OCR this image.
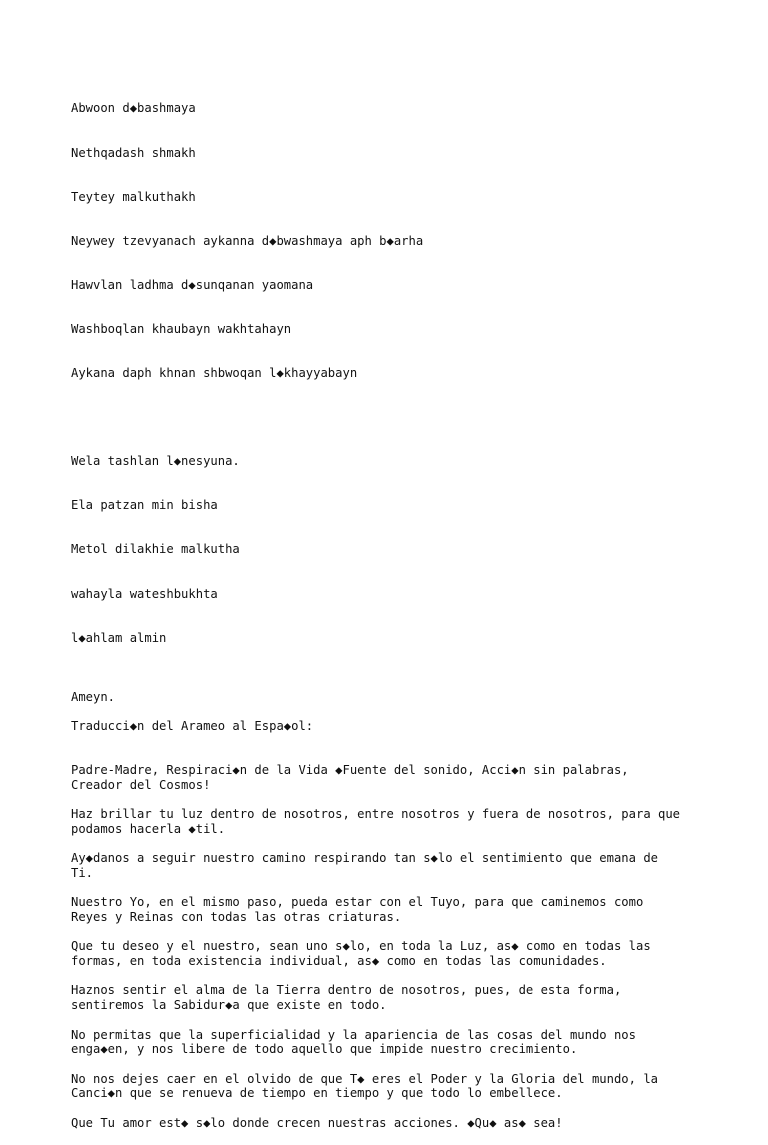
Abwoon d◆bashmaya

Nethqadash shmakh

Teytey malkuthakh

Neywey tzevyanach aykanna d◆bwashmaya aph b◆arha

Hawvlan ladhma d◆sunqanan yaomana

Washboqlan khaubayn wakhtahayn

Aykana daph khnan shbwoqan l◆khayyabayn

Wela tashlan l◆nesyuna.

Ela patzan min bisha

Metol dilakhie malkutha

wahayla wateshbukhta

l◆ahlam almin

Ameyn.
Traducci◆n del Arameo al Espa◆ol:
Padre-Madre, Respiraci◆n de la Vida ◆Fuente del sonido, Acci◆n sin palabras,
Creador del Cosmos!
Haz brillar tu luz dentro de nosotros, entre nosotros y fuera de nosotros, para que
podamos hacerla ◆til.
Ay◆danos a seguir nuestro camino respirando tan s◆lo el sentimiento que emana de
Ti.
Nuestro Yo, en el mismo paso, pueda estar con el Tuyo, para que caminemos como
Reyes y Reinas con todas las otras criaturas.
Que tu deseo y el nuestro, sean uno s◆lo, en toda la Luz, as◆ como en todas las
formas, en toda existencia individual, as◆ como en todas las comunidades.
Haznos sentir el alma de la Tierra dentro de nosotros, pues, de esta forma,
sentiremos la Sabidur◆a que existe en todo.
No permitas que la superficialidad y la apariencia de las cosas del mundo nos
enga◆en, y nos libere de todo aquello que impide nuestro crecimiento.
No nos dejes caer en el olvido de que T◆ eres el Poder y la Gloria del mundo, la
Canci◆n que se renueva de tiempo en tiempo y que todo lo embellece.
Que Tu amor est◆ s◆lo donde crecen nuestras acciones. ◆Qu◆ as◆ sea!
